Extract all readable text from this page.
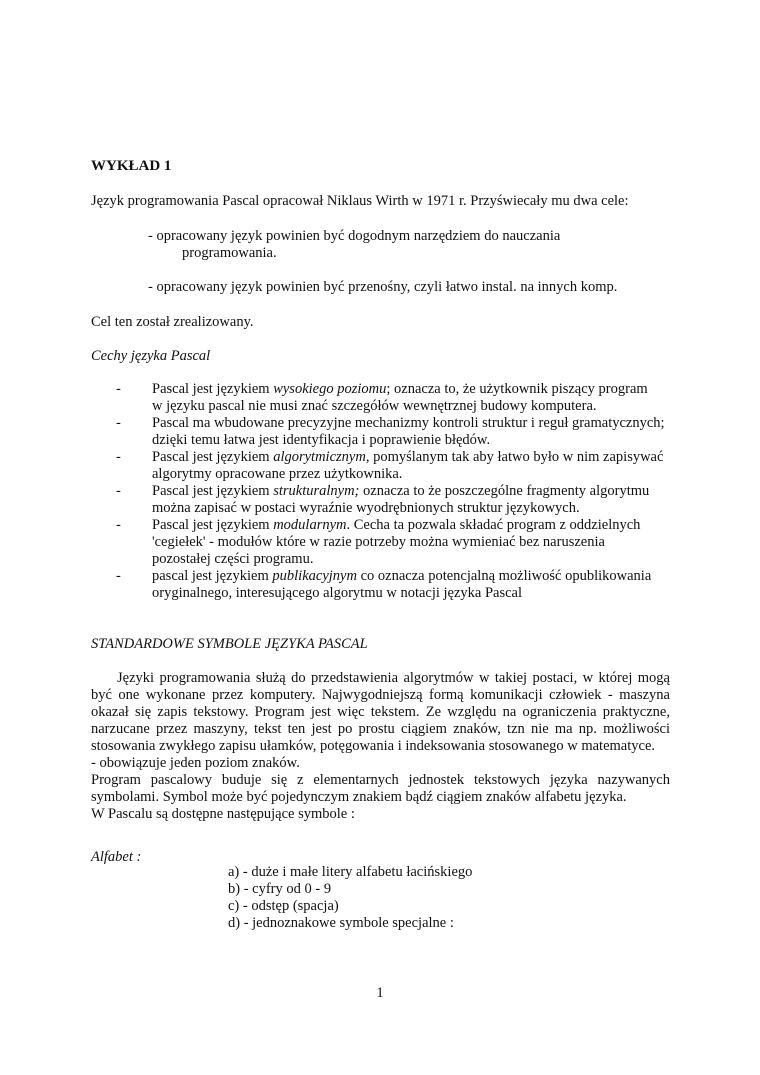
WYKŁAD 1
Język programowania Pascal opracował Niklaus Wirth w 1971 r. Przyświecały mu dwa cele:
- opracowany język powinien być dogodnym narzędziem do nauczania
programowania.
- opracowany język powinien być przenośny, czyli łatwo instal. na innych komp.
Cel ten został zrealizowany.
Cechy języka Pascal
- Pascal jest językiem wysokiego poziomu; oznacza to, że użytkownik piszący program

w języku pascal nie musi znać szczegółów wewnętrznej budowy komputera.

- Pascal ma wbudowane precyzyjne mechanizmy kontroli struktur i reguł gramatycznych;

dzięki temu łatwa jest identyfikacja i poprawienie błędów.

- Pascal jest językiem algorytmicznym, pomyślanym tak aby łatwo było w nim zapisywać

algorytmy opracowane przez użytkownika.

- Pascal jest językiem strukturalnym; oznacza to że poszczególne fragmenty algorytmu

można zapisać w postaci wyraźnie wyodrębnionych struktur językowych.

- Pascal jest językiem modularnym. Cecha ta pozwala składać program z oddzielnych

'cegiełek' - modułów które w razie potrzeby można wymieniać bez naruszenia

pozostałej części programu.

- pascal jest językiem publikacyjnym co oznacza potencjalną możliwość opublikowania

oryginalnego, interesującego algorytmu w notacji języka Pascal

STANDARDOWE SYMBOLE JĘZYKA PASCAL

Języki programowania służą do przedstawienia algorytmów w takiej postaci, w której mogą być one wykonane przez komputery. Najwygodniejszą formą komunikacji człowiek - maszyna okazał się zapis tekstowy. Program jest więc tekstem. Ze względu na ograniczenia praktyczne, narzucane przez maszyny, tekst ten jest po prostu ciągiem znaków, tzn nie ma np. możliwości stosowania zwykłego zapisu ułamków, potęgowania i indeksowania stosowanego w matematyce.

- obowiązuje jeden poziom znaków.

Program pascalowy buduje się z elementarnych jednostek tekstowych języka nazywanych symbolami. Symbol może być pojedynczym znakiem bądź ciągiem znaków alfabetu języka.

W Pascalu są dostępne następujące symbole :

Alfabet :
a) - duże i małe litery alfabetu łacińskiego
b) - cyfry od 0 - 9
c) - odstęp (spacja)
d) - jednoznakowe symbole specjalne :
1
